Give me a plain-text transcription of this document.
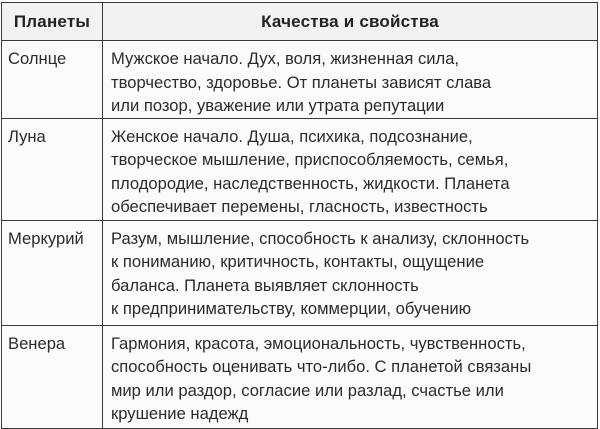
Планеты	Качества и свойства
Солнце	Мужское начало. Дух, воля, жизненная сила,
творчество, здоровье. От планеты зависят слава
или позор, уважение или утрата репутации

Луна	Женское начало. Душа, психика, подсознание,
творческое мышление, приспособляемость, семья,
плодородие, наследственность, жидкости. Планета
обеспечивает перемены, гласность, известность

Меркурий	Разум, мышление, способность к анализу, склонность
к пониманию, критичность, контакты, ощущение
баланса. Планета выявляет склонность
к предпринимательству, коммерции, обучению

Венера	Гармония, красота, эмоциональность, чувственность,
способность оценивать что-либо. С планетой связаны
мир или раздор, согласие или разлад, счастье или
крушение надежд
